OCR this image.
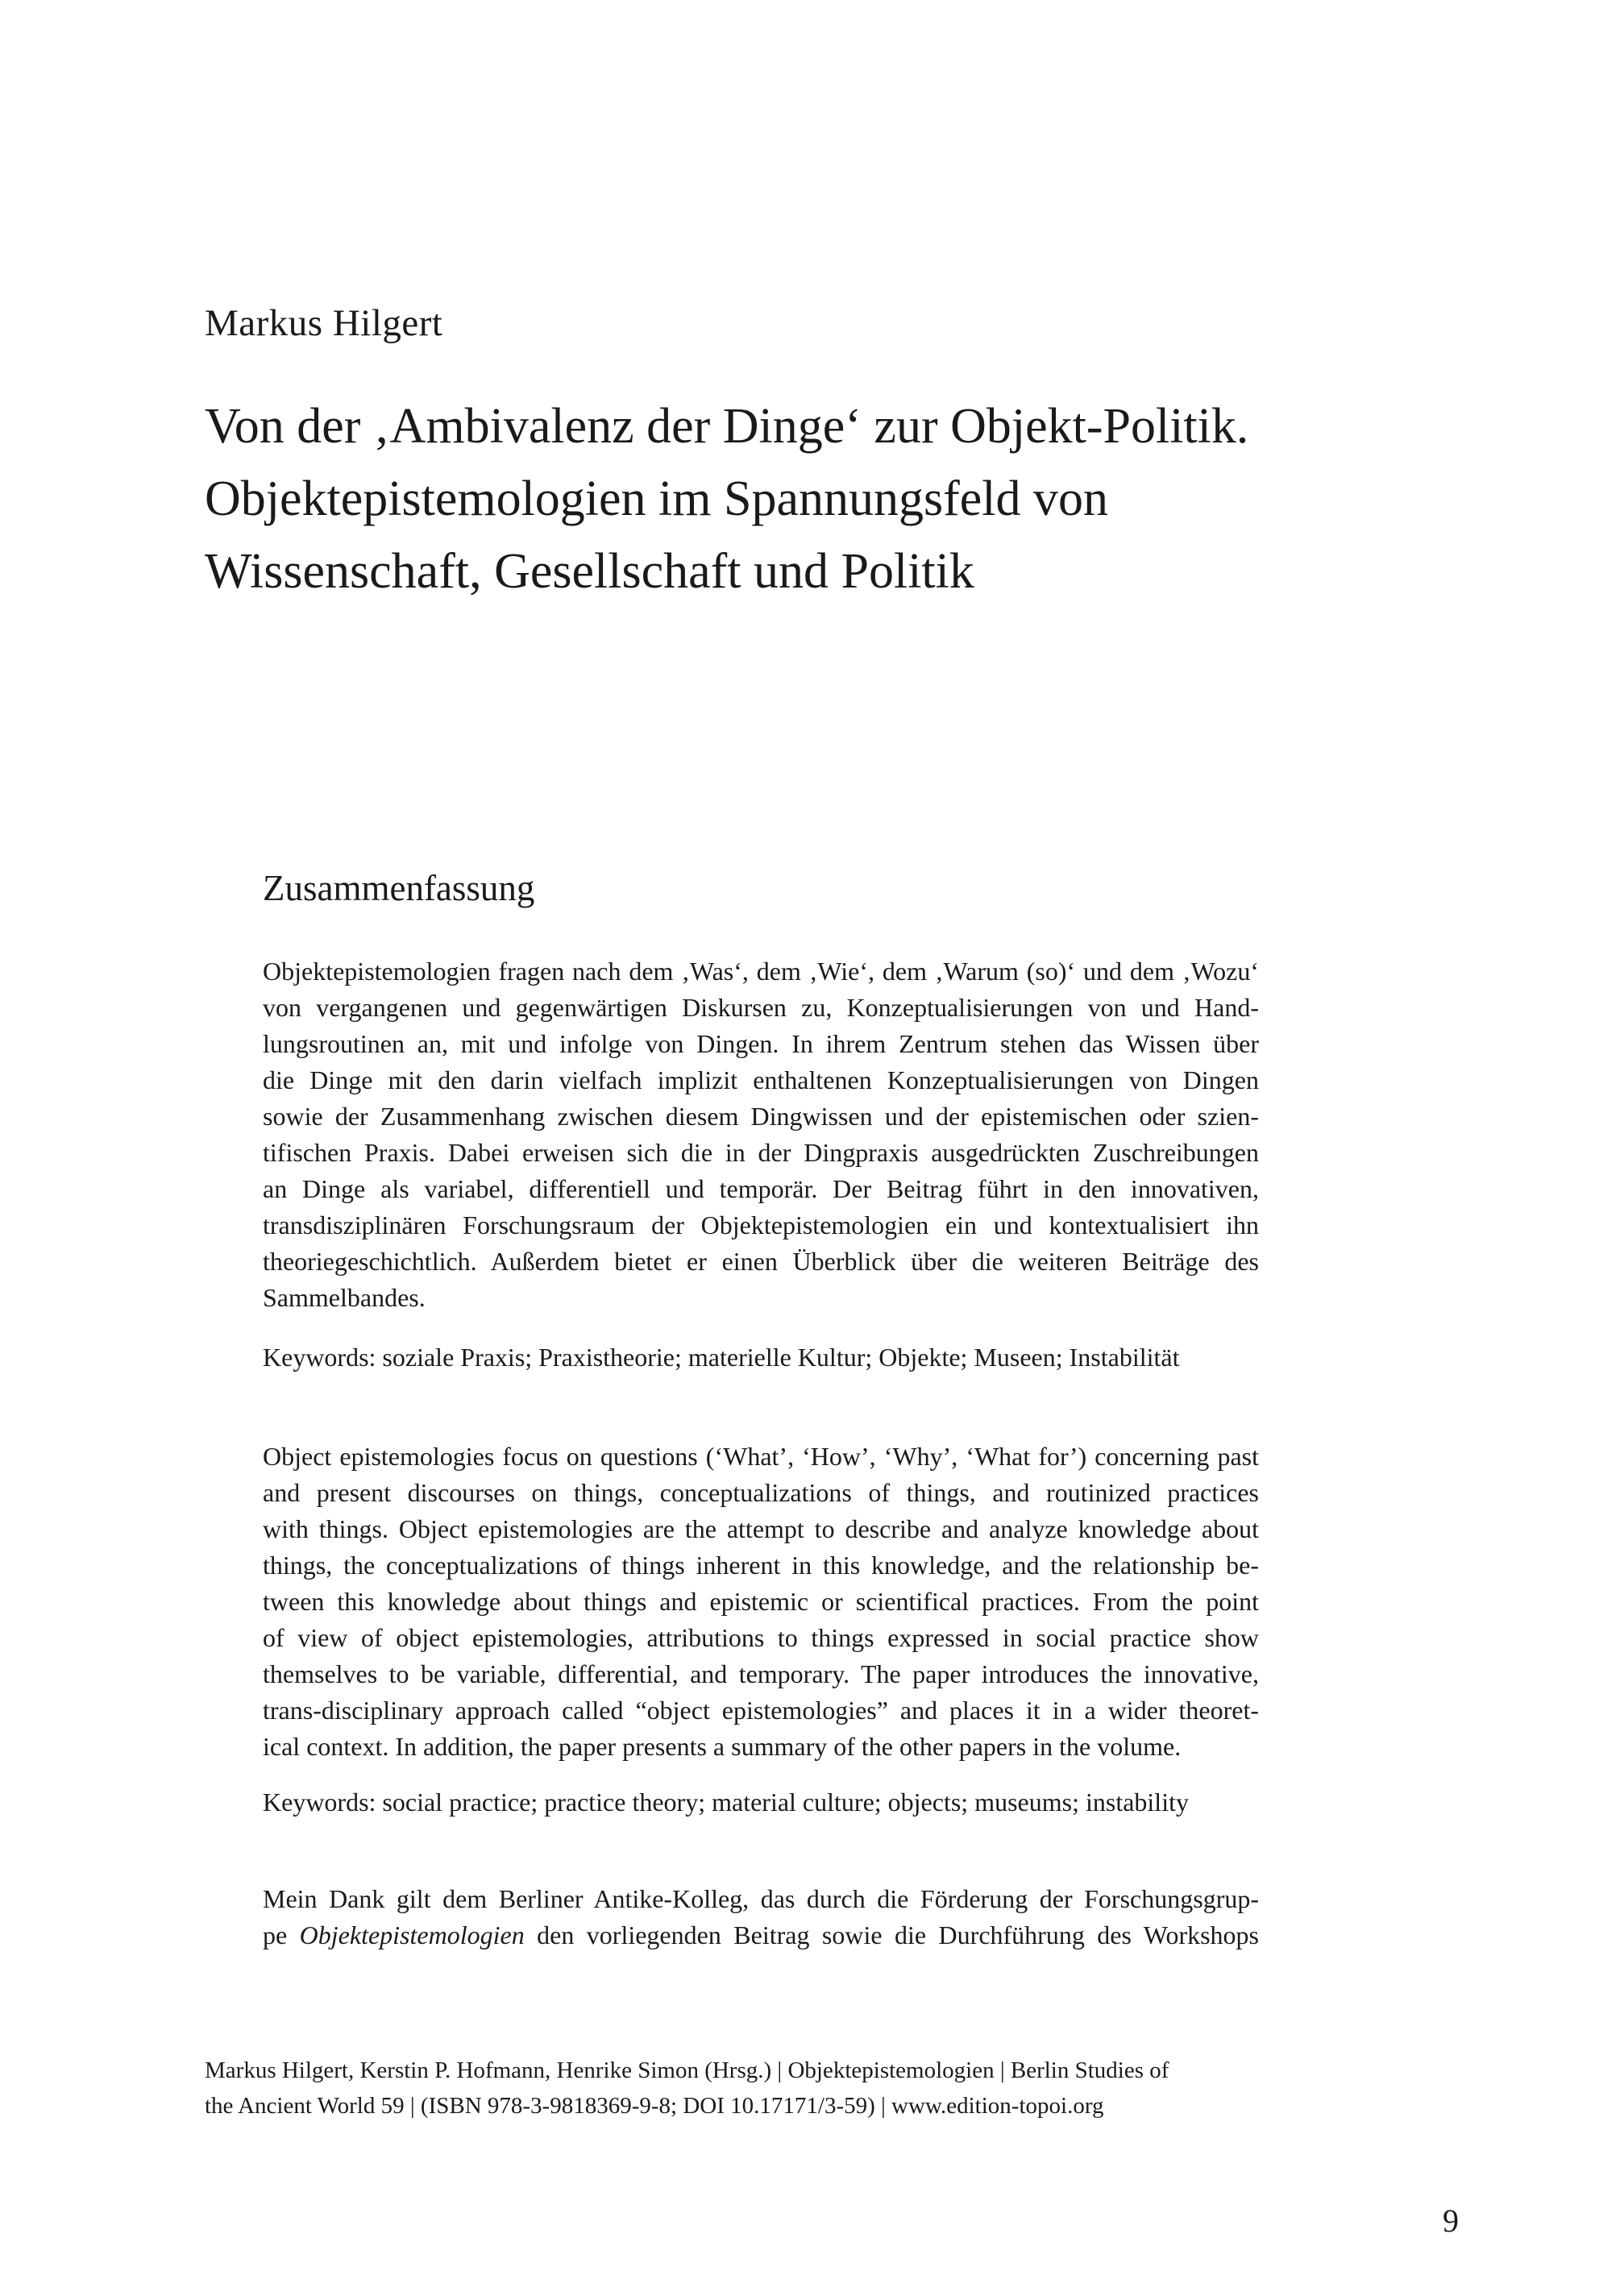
Markus Hilgert
Von der ‚Ambivalenz der Dinge‘ zur Objekt-Politik.
Objektepistemologien im Spannungsfeld von
Wissenschaft, Gesellschaft und Politik
Zusammenfassung
Objektepistemologien fragen nach dem ‚Was‘, dem ‚Wie‘, dem ‚Warum (so)‘ und dem ‚Wozu‘
von vergangenen und gegenwärtigen Diskursen zu, Konzeptualisierungen von und Hand-
lungsroutinen an, mit und infolge von Dingen. In ihrem Zentrum stehen das Wissen über
die Dinge mit den darin vielfach implizit enthaltenen Konzeptualisierungen von Dingen
sowie der Zusammenhang zwischen diesem Dingwissen und der epistemischen oder szien-
tifischen Praxis. Dabei erweisen sich die in der Dingpraxis ausgedrückten Zuschreibungen
an Dinge als variabel, differentiell und temporär. Der Beitrag führt in den innovativen,
transdisziplinären Forschungsraum der Objektepistemologien ein und kontextualisiert ihn
theoriegeschichtlich. Außerdem bietet er einen Überblick über die weiteren Beiträge des
Sammelbandes.
Keywords: soziale Praxis; Praxistheorie; materielle Kultur; Objekte; Museen; Instabilität
Object epistemologies focus on questions (‘What’, ‘How’, ‘Why’, ‘What for’) concerning past
and present discourses on things, conceptualizations of things, and routinized practices
with things. Object epistemologies are the attempt to describe and analyze knowledge about
things, the conceptualizations of things inherent in this knowledge, and the relationship be-
tween this knowledge about things and epistemic or scientifical practices. From the point
of view of object epistemologies, attributions to things expressed in social practice show
themselves to be variable, differential, and temporary. The paper introduces the innovative,
trans-disciplinary approach called “object epistemologies” and places it in a wider theoret-
ical context. In addition, the paper presents a summary of the other papers in the volume.
Keywords: social practice; practice theory; material culture; objects; museums; instability
Mein Dank gilt dem Berliner Antike-Kolleg, das durch die Förderung der Forschungsgrup-
pe Objektepistemologien den vorliegenden Beitrag sowie die Durchführung des Workshops
Markus Hilgert, Kerstin P. Hofmann, Henrike Simon (Hrsg.) | Objektepistemologien | Berlin Studies of
the Ancient World 59 | (ISBN 978-3-9818369-9-8; DOI 10.17171/3-59) | www.edition-topoi.org
9
